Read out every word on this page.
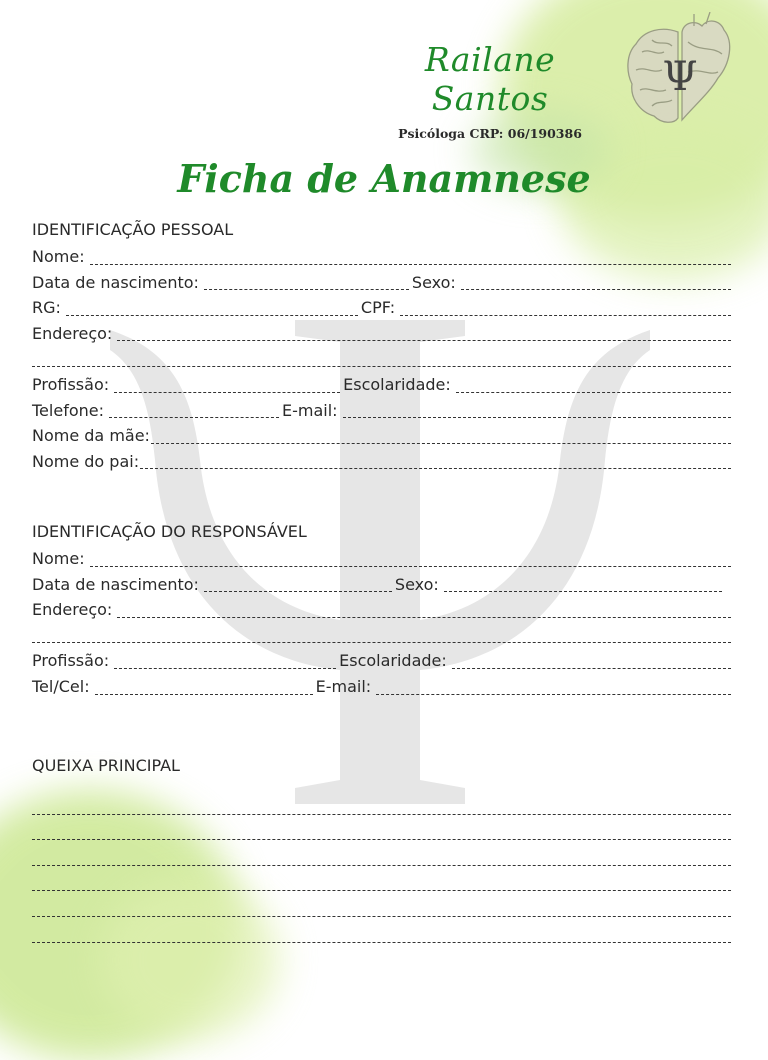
Railane Santos
Psicóloga CRP: 06/190386
Ψ
Ficha de Anamnese
IDENTIFICAÇÃO PESSOAL
Nome:
Data de nascimento:	Sexo:
RG:	CPF:
Endereço:
Profissão:	Escolaridade:
Telefone:	E-mail:
Nome da mãe:
Nome do pai:
IDENTIFICAÇÃO DO RESPONSÁVEL
Nome:
Data de nascimento:	Sexo:
Endereço:
Profissão:	Escolaridade:
Tel/Cel:	E-mail:
QUEIXA PRINCIPAL
